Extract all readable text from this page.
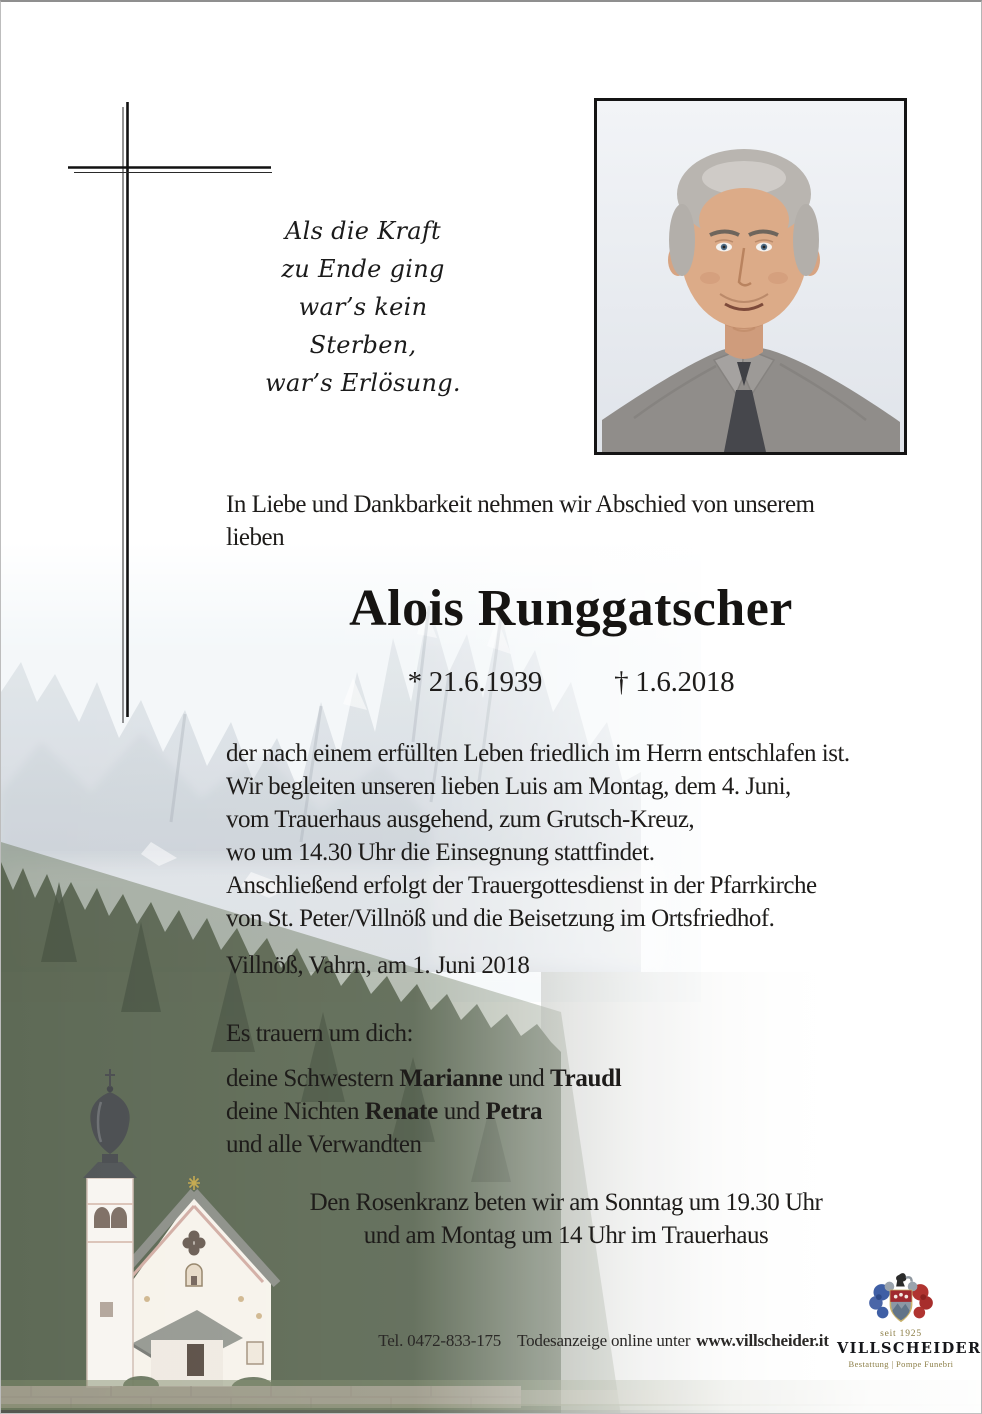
Als die Kraft
zu Ende ging
war’s kein Sterben,
war’s Erlösung.
In Liebe und Dankbarkeit nehmen wir Abschied von unserem
lieben
Alois Runggatscher
* 21.6.1939 † 1.6.2018
der nach einem erfüllten Leben friedlich im Herrn entschlafen ist.
Wir begleiten unseren lieben Luis am Montag, dem 4. Juni,
vom Trauerhaus ausgehend, zum Grutsch-Kreuz,
wo um 14.30 Uhr die Einsegnung stattfindet.
Anschließend erfolgt der Trauergottesdienst in der Pfarrkirche
von St. Peter/Villnöß und die Beisetzung im Ortsfriedhof.
Villnöß, Vahrn, am 1. Juni 2018
Es trauern um dich:
deine Schwestern Marianne und Traudl
deine Nichten Renate und Petra
und alle Verwandten
Den Rosenkranz beten wir am Sonntag um 19.30 Uhr
und am Montag um 14 Uhr im Trauerhaus
Tel. 0472-833-175 Todesanzeige online unter www.villscheider.it	seit 1925
VILLSCHEIDER
Bestattung | Pompe Funebri
